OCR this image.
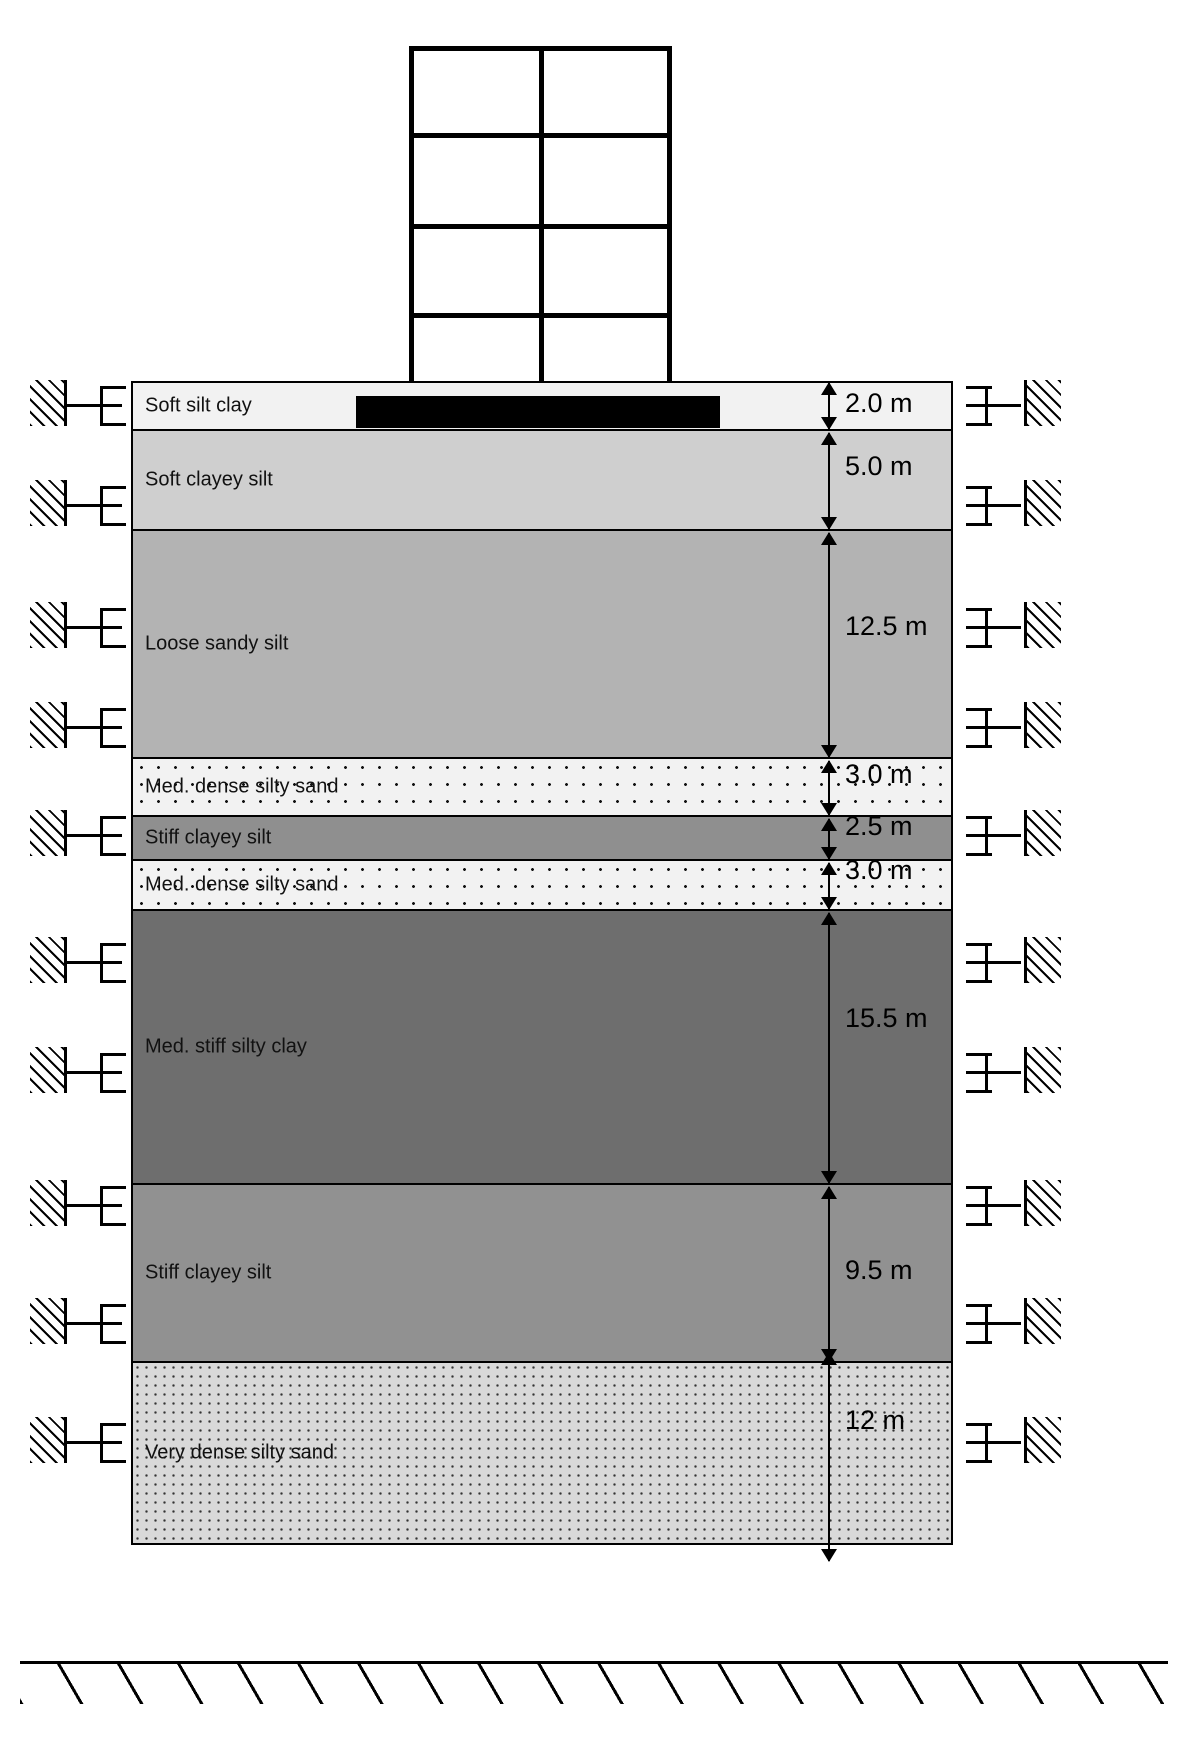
Soft silt clay
Soft clayey silt
Loose sandy silt
Med. dense silty sand
Stiff clayey silt
Med. dense silty sand
Med. stiff silty clay
Stiff clayey silt
Very dense silty sand
2.0 m
5.0 m
12.5 m
3.0 m
2.5 m
3.0 m
15.5 m
9.5 m
12 m
